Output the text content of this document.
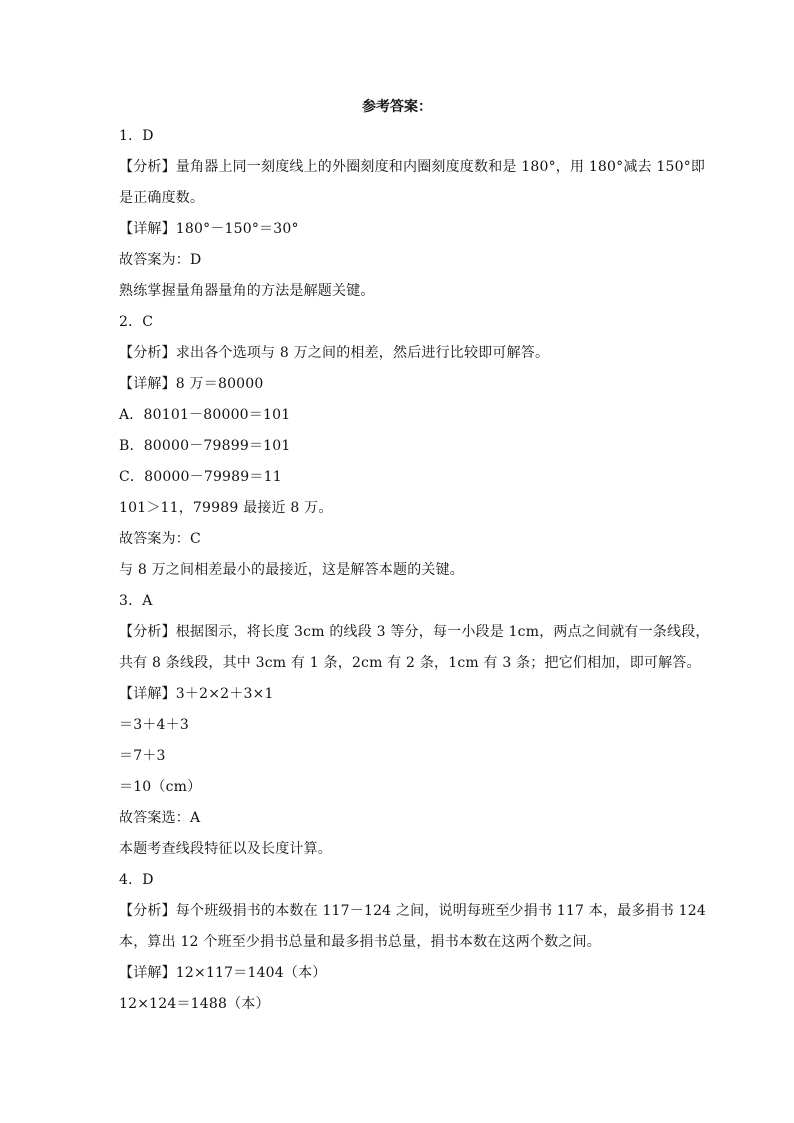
参考答案：
1．D
【分析】量角器上同一刻度线上的外圈刻度和内圈刻度度数和是 180°，用 180°减去 150°即
是正确度数。
【详解】180°－150°＝30°
故答案为：D
熟练掌握量角器量角的方法是解题关键。
2．C
【分析】求出各个选项与 8 万之间的相差，然后进行比较即可解答。
【详解】8 万＝80000
A．80101－80000＝101
B．80000－79899＝101
C．80000－79989＝11
101＞11，79989 最接近 8 万。
故答案为：C
与 8 万之间相差最小的最接近，这是解答本题的关键。
3．A
【分析】根据图示，将长度 3cm 的线段 3 等分，每一小段是 1cm，两点之间就有一条线段，
共有 8 条线段，其中 3cm 有 1 条，2cm 有 2 条，1cm 有 3 条；把它们相加，即可解答。
【详解】3＋2×2＋3×1
＝3＋4＋3
＝7＋3
＝10（cm）
故答案选：A
本题考查线段特征以及长度计算。
4．D
【分析】每个班级捐书的本数在 117－124 之间，说明每班至少捐书 117 本，最多捐书 124
本，算出 12 个班至少捐书总量和最多捐书总量，捐书本数在这两个数之间。
【详解】12×117＝1404（本）
12×124＝1488（本）
